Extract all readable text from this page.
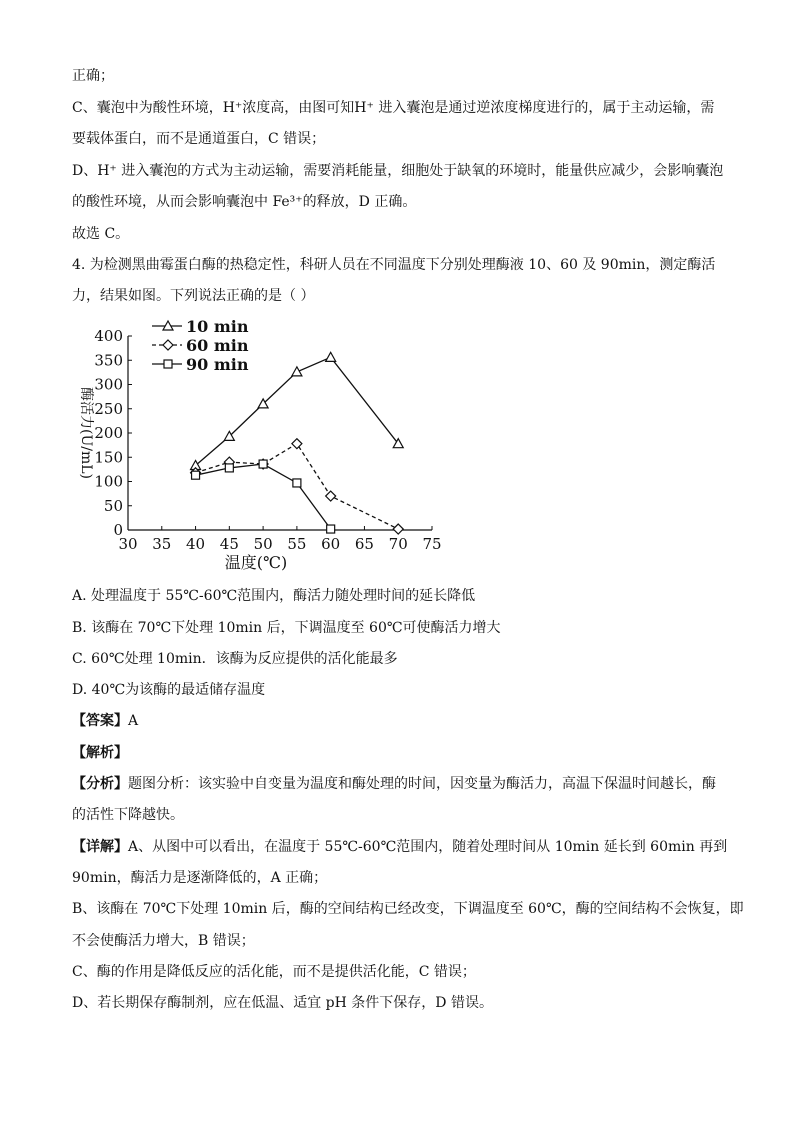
正确；
C、囊泡中为酸性环境，H⁺浓度高，由图可知H⁺ 进入囊泡是通过逆浓度梯度进行的，属于主动运输，需
要载体蛋白，而不是通道蛋白，C 错误；
D、H⁺ 进入囊泡的方式为主动运输，需要消耗能量，细胞处于缺氧的环境时，能量供应减少，会影响囊泡
的酸性环境，从而会影响囊泡中 Fe³⁺的释放，D 正确。
故选 C。
4. 为检测黑曲霉蛋白酶的热稳定性，科研人员在不同温度下分别处理酶液 10、60 及 90min，测定酶活
力，结果如图。下列说法正确的是（ ）
30 35 40 45 50 55 60 65 70 75
0
50
100
150
200
250
300
350
400
温度(℃)
酶活力(U/mL)
10 min
60 min
90 min
A. 处理温度于 55℃-60℃范围内，酶活力随处理时间的延长降低
B. 该酶在 70℃下处理 10min 后，下调温度至 60℃可使酶活力增大
C. 60℃处理 10min．该酶为反应提供的活化能最多
D. 40℃为该酶的最适储存温度
【答案】A
【解析】
【分析】题图分析：该实验中自变量为温度和酶处理的时间，因变量为酶活力，高温下保温时间越长，酶
的活性下降越快。
【详解】A、从图中可以看出，在温度于 55℃-60℃范围内，随着处理时间从 10min 延长到 60min 再到
90min，酶活力是逐渐降低的，A 正确；
B、该酶在 70℃下处理 10min 后，酶的空间结构已经改变，下调温度至 60℃，酶的空间结构不会恢复，即
不会使酶活力增大，B 错误；
C、酶的作用是降低反应的活化能，而不是提供活化能，C 错误；
D、若长期保存酶制剂，应在低温、适宜 pH 条件下保存，D 错误。
